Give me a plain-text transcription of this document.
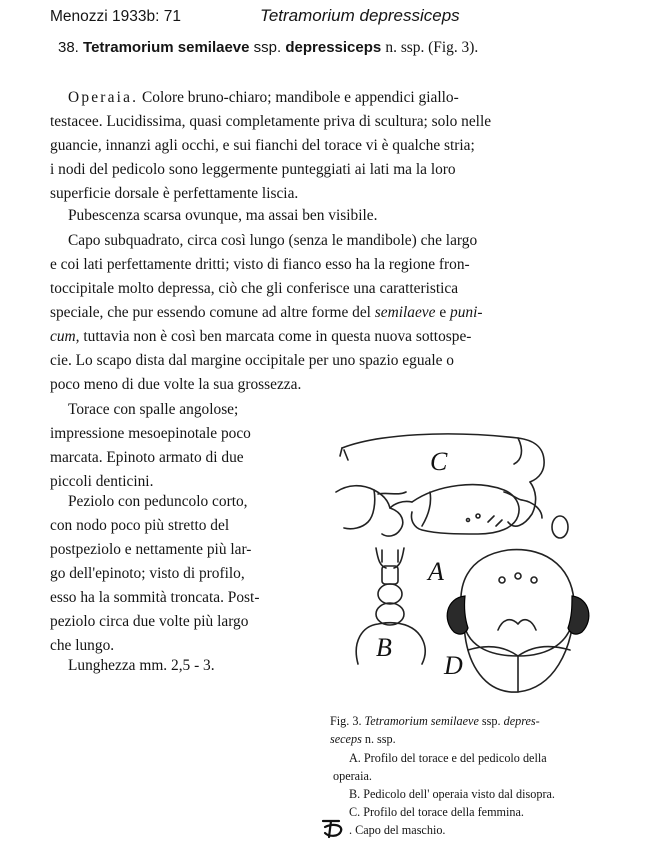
Menozzi 1933b: 71	Tetramorium depressiceps
38. Tetramorium semilaeve ssp. depressiceps n. ssp. (Fig. 3).
Operaia. Colore bruno-chiaro; mandibole e appendici giallo-
testacee. Lucidissima, quasi completamente priva di scultura; solo nelle
guancie, innanzi agli occhi, e sui fianchi del torace vi è qualche stria;
i nodi del pedicolo sono leggermente punteggiati ai lati ma la loro
superficie dorsale è perfettamente liscia.
Pubescenza scarsa ovunque, ma assai ben visibile.
Capo subquadrato, circa così lungo (senza le mandibole) che largo
e coi lati perfettamente dritti; visto di fianco esso ha la regione fron-
toccipitale molto depressa, ciò che gli conferisce una caratteristica
speciale, che pur essendo comune ad altre forme del semilaeve e puni-
cum, tuttavia non è così ben marcata come in questa nuova sottospe-
cie. Lo scapo dista dal margine occipitale per uno spazio eguale o
poco meno di due volte la sua grossezza.
Torace con spalle angolose;
impressione mesoepinotale poco
marcata. Epinoto armato di due
piccoli denticini.
Peziolo con peduncolo corto,
con nodo poco più stretto del
postpeziolo e nettamente più lar-
go dell'epinoto; visto di profilo,
esso ha la sommità troncata. Post-
peziolo circa due volte più largo
che lungo.
Lunghezza mm. 2,5 - 3.
C
A
B
D
Fig. 3. Tetramorium semilaeve ssp. depres-
seceps n. ssp.
A. Profilo del torace e del pedicolo della
operaia.
B. Pedicolo dell' operaia visto dal disopra.
C. Profilo del torace della femmina.
. Capo del maschio.
